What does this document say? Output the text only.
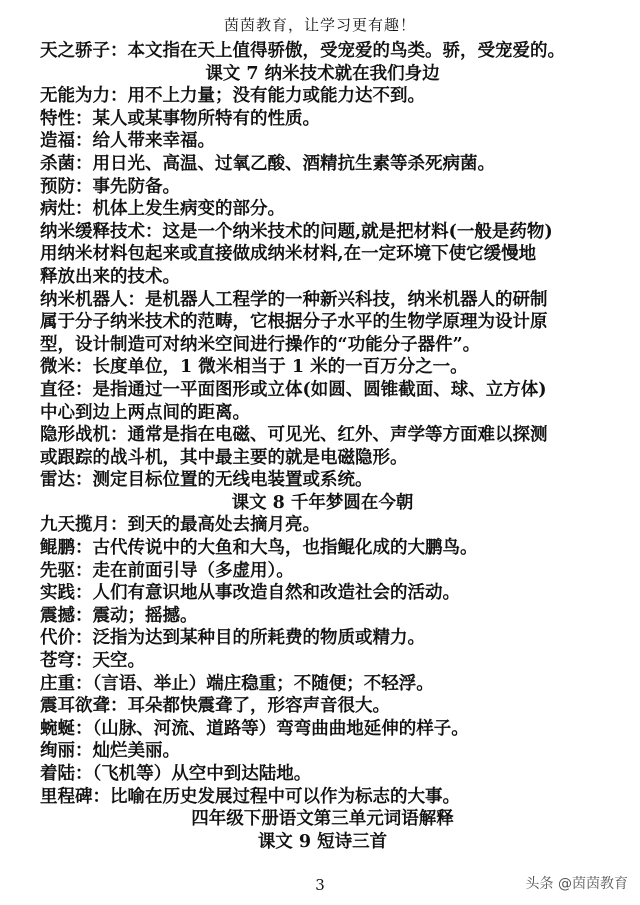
茵茵教育，让学习更有趣！
天之骄子：本文指在天上值得骄傲，受宠爱的鸟类。骄，受宠爱的。
课文 7 纳米技术就在我们身边
无能为力：用不上力量；没有能力或能力达不到。
特性：某人或某事物所特有的性质。
造福：给人带来幸福。
杀菌：用日光、高温、过氧乙酸、酒精抗生素等杀死病菌。
预防：事先防备。
病灶：机体上发生病变的部分。
纳米缓释技术：这是一个纳米技术的问题,就是把材料(一般是药物)
用纳米材料包起来或直接做成纳米材料,在一定环境下使它缓慢地
释放出来的技术。
纳米机器人：是机器人工程学的一种新兴科技，纳米机器人的研制
属于分子纳米技术的范畴，它根据分子水平的生物学原理为设计原
型，设计制造可对纳米空间进行操作的“功能分子器件”。
微米：长度单位，1 微米相当于 1 米的一百万分之一。
直径：是指通过一平面图形或立体(如圆、圆锥截面、球、立方体)
中心到边上两点间的距离。
隐形战机：通常是指在电磁、可见光、红外、声学等方面难以探测
或跟踪的战斗机，其中最主要的就是电磁隐形。
雷达：测定目标位置的无线电装置或系统。
课文 8 千年梦圆在今朝
九天揽月：到天的最高处去摘月亮。
鲲鹏：古代传说中的大鱼和大鸟，也指鲲化成的大鹏鸟。
先驱：走在前面引导（多虚用）。
实践：人们有意识地从事改造自然和改造社会的活动。
震撼：震动；摇撼。
代价：泛指为达到某种目的所耗费的物质或精力。
苍穹：天空。
庄重：（言语、举止）端庄稳重；不随便；不轻浮。
震耳欲聋：耳朵都快震聋了，形容声音很大。
蜿蜒：（山脉、河流、道路等）弯弯曲曲地延伸的样子。
绚丽：灿烂美丽。
着陆：（飞机等）从空中到达陆地。
里程碑：比喻在历史发展过程中可以作为标志的大事。
四年级下册语文第三单元词语解释
课文 9 短诗三首
3	头条 @茵茵教育
